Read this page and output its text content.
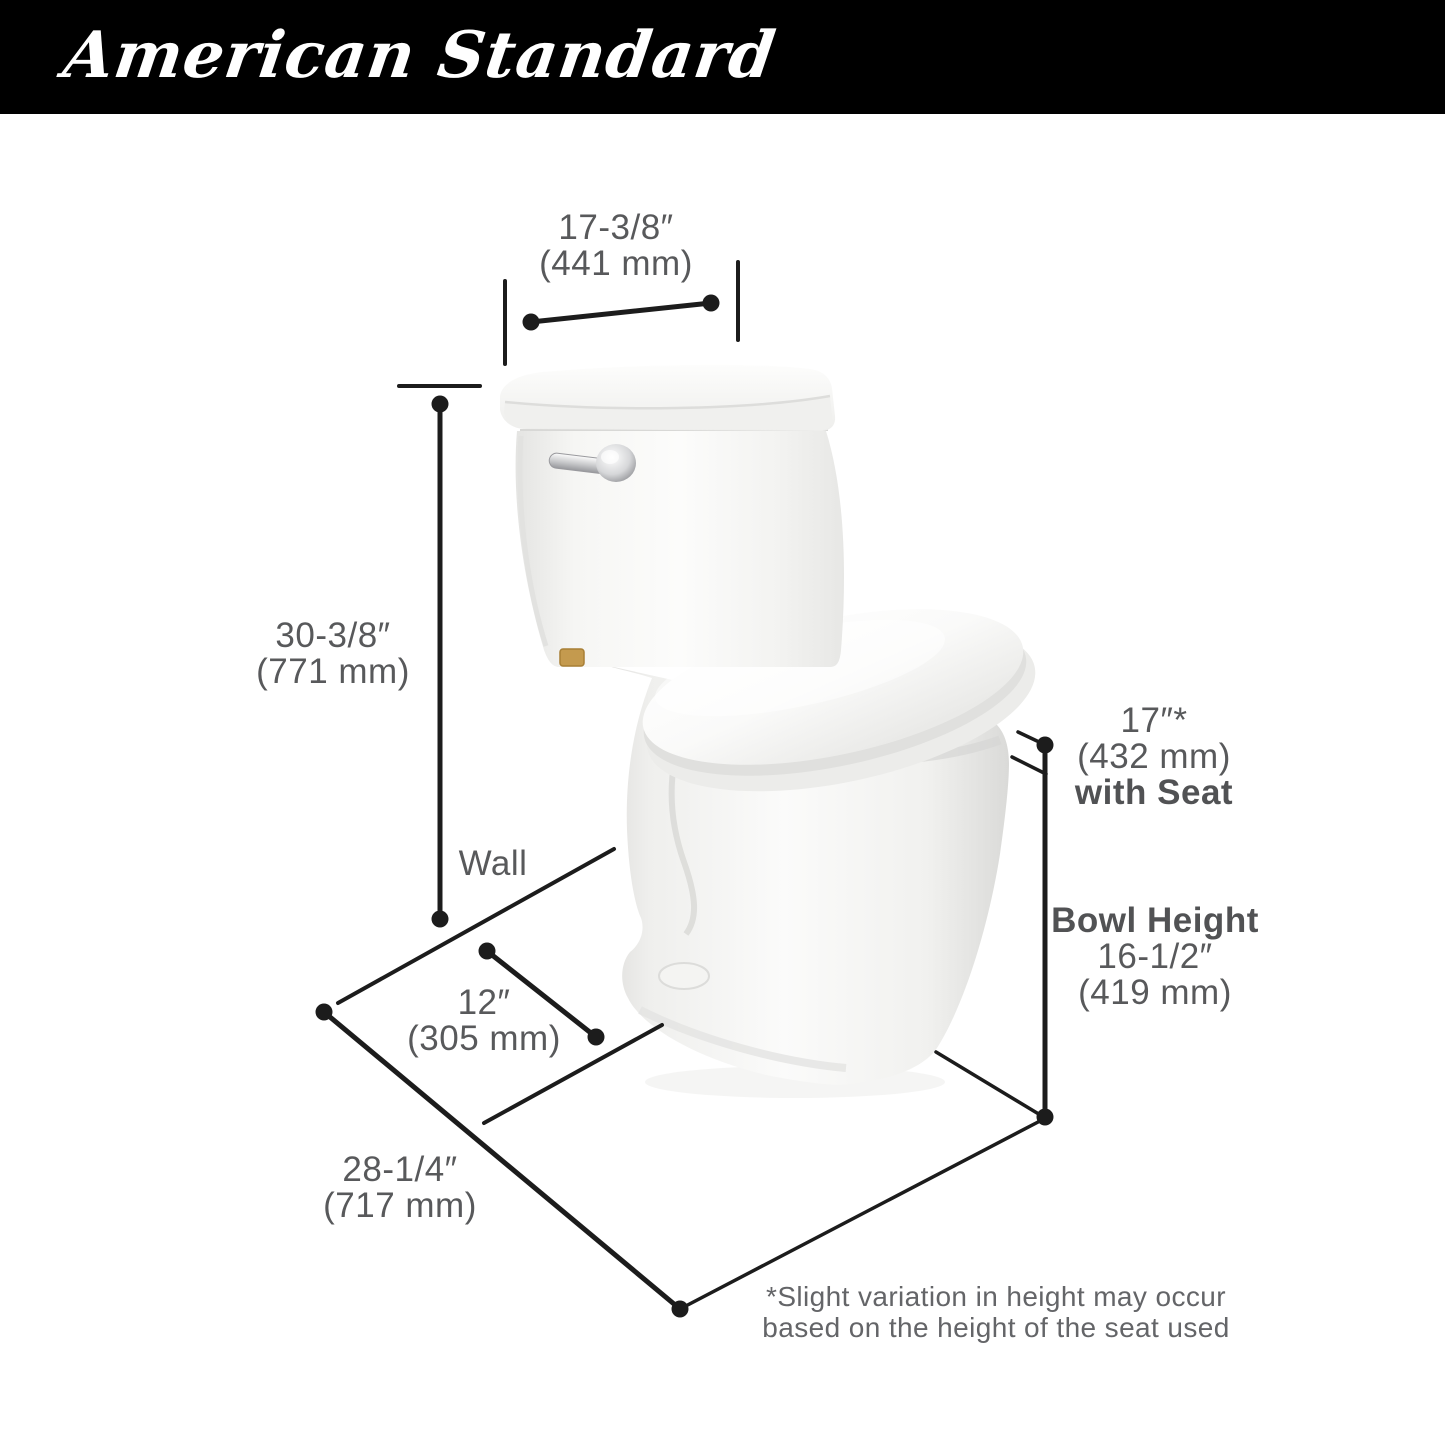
American Standard
17-3/8″
(441 mm)
30-3/8″
(771 mm)
Wall
12″
(305 mm)
28-1/4″
(717 mm)
17″*
(432 mm)
with Seat
Bowl Height
16-1/2″
(419 mm)
*Slight variation in height may occur
based on the height of the seat used
